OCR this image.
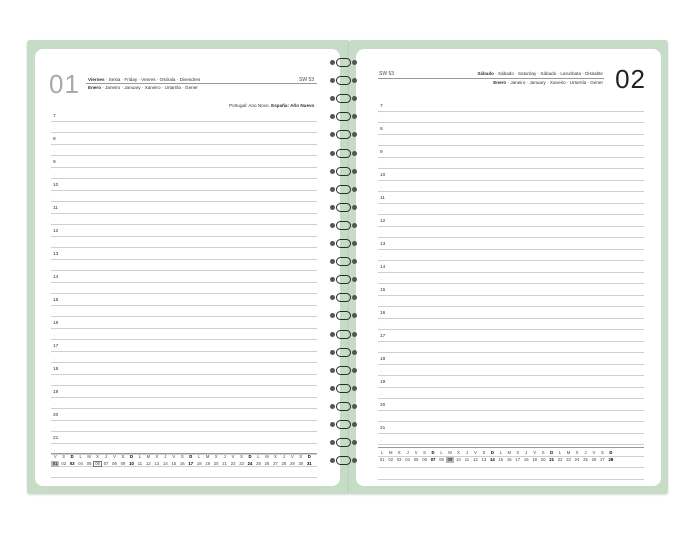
01 Viernes · Sexta · Friday · Venres · Ostirala · Divendres	SW 53
Enero · Janeiro · January · Xaneiro · Urtarrila · Gener
Portugal: Ano Novo. España: Año Nuevo
7
·
8
·
9
·
10
·
11
·
12
·
13
·
14
·
15
·
16
·
17
·
18
·
19
·
20
·
21
·
V	S	D	L	M	X	J	V	S	D	L	M	X	J	V	S	D	L	M	X	J	V	S	D	L	M	X	J	V	S	D
01 02 03 04 05 06 07 08 09 10 11 12 13 14 15 16 17 18 19 20 21 22 23 24 25 26 27 28 29 30 31
SW 53	Sábado · Sábado · Saturday · Sábado · Larunbata · Dissabte
Enero · Janeiro · January · Xaneiro · Urtarrila · Gener 02
7
·
8
·
9
·
10
·
11
·
12
·
13
·
14
·
15
·
16
·
17
·
18
·
19
·
20
·
21
·
L	M	X	J	V	S	D	L	M	X	J	V	S	D	L	M	X	J	V	S	D	L	M	X	J	V	S	D
01 02 03 04 05 06 07 08 09 10 11 12 13 14 15 16 17 18 19 20 21 22 23 24 25 26 27 28
